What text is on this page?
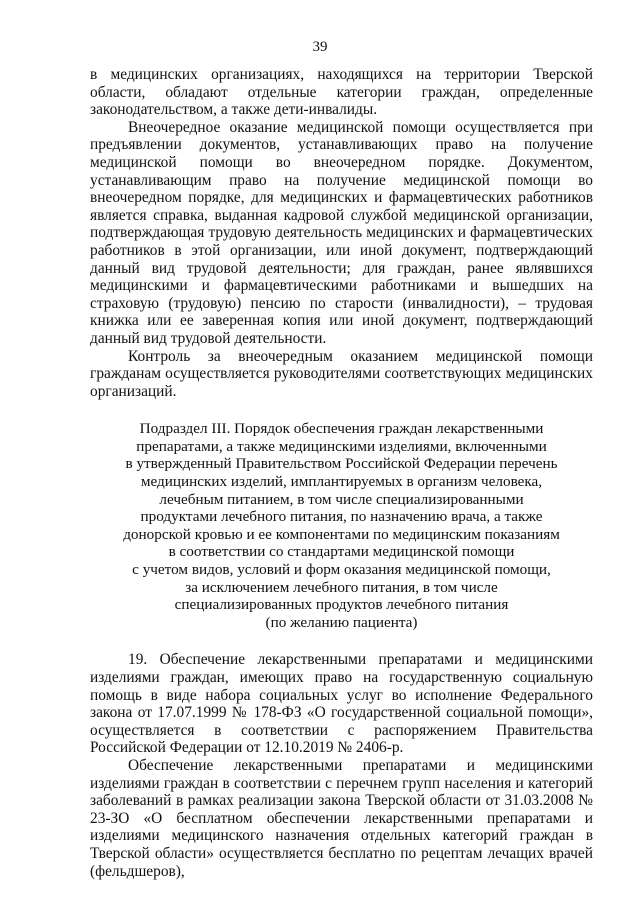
39

в медицинских организациях, находящихся на территории Тверской области, обладают отдельные категории граждан, определенные законодательством, а также дети-инвалиды.

Внеочередное оказание медицинской помощи осуществляется при предъявлении документов, устанавливающих право на получение медицинской помощи во внеочередном порядке. Документом, устанавливающим право на получение медицинской помощи во внеочередном порядке, для медицинских и фармацевтических работников является справка, выданная кадровой службой медицинской организации, подтверждающая трудовую деятельность медицинских и фармацевтических работников в этой организации, или иной документ, подтверждающий данный вид трудовой деятельности; для граждан, ранее являвшихся медицинскими и фармацевтическими работниками и вышедших на страховую (трудовую) пенсию по старости (инвалидности), – трудовая книжка или ее заверенная копия или иной документ, подтверждающий данный вид трудовой деятельности.

Контроль за внеочередным оказанием медицинской помощи гражданам осуществляется руководителями соответствующих медицинских организаций.

Подраздел III. Порядок обеспечения граждан лекарственными
препаратами, а также медицинскими изделиями, включенными
в утвержденный Правительством Российской Федерации перечень
медицинских изделий, имплантируемых в организм человека,
лечебным питанием, в том числе специализированными
продуктами лечебного питания, по назначению врача, а также
донорской кровью и ее компонентами по медицинским показаниям
в соответствии со стандартами медицинской помощи
с учетом видов, условий и форм оказания медицинской помощи,
за исключением лечебного питания, в том числе
специализированных продуктов лечебного питания
(по желанию пациента)

19. Обеспечение лекарственными препаратами и медицинскими изделиями граждан, имеющих право на государственную социальную помощь в виде набора социальных услуг во исполнение Федерального закона от 17.07.1999 № 178-ФЗ «О государственной социальной помощи», осуществляется в соответствии с распоряжением Правительства Российской Федерации от 12.10.2019 № 2406-р.

Обеспечение лекарственными препаратами и медицинскими изделиями граждан в соответствии с перечнем групп населения и категорий заболеваний в рамках реализации закона Тверской области от 31.03.2008 № 23-ЗО «О бесплатном обеспечении лекарственными препаратами и изделиями медицинского назначения отдельных категорий граждан в Тверской области» осуществляется бесплатно по рецептам лечащих врачей (фельдшеров),
